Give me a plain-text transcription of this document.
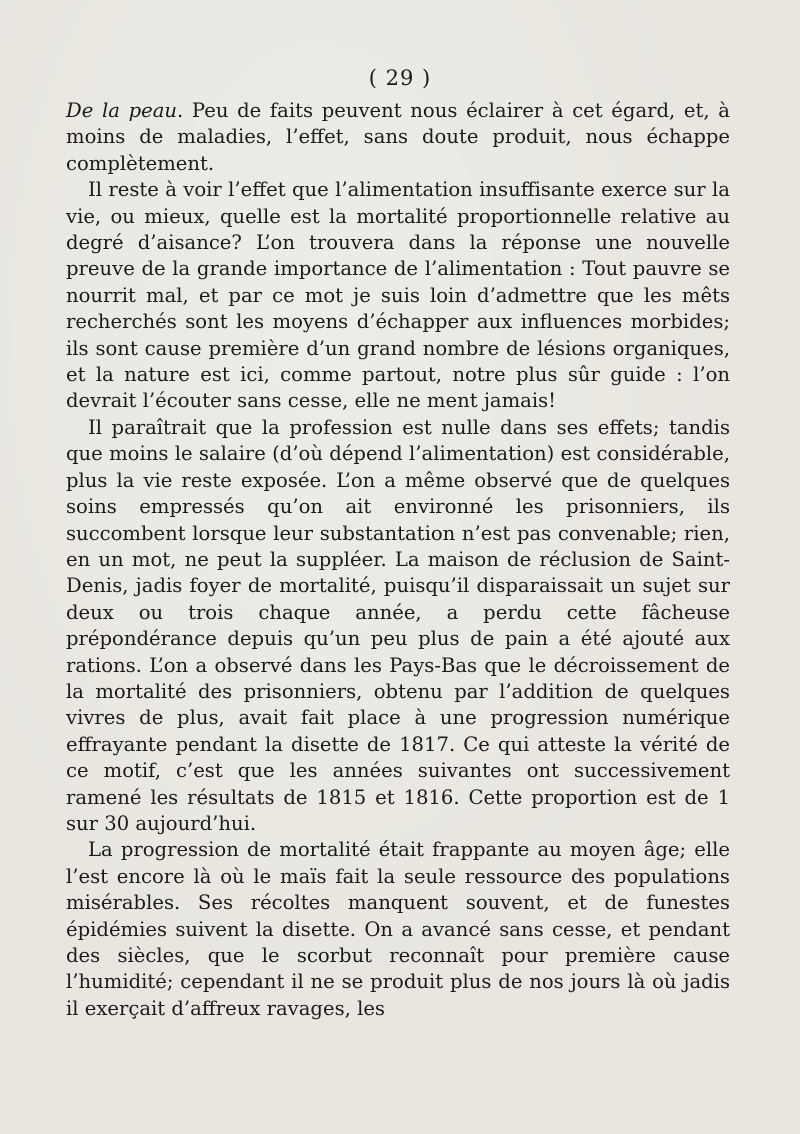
( 29 )

De la peau. Peu de faits peuvent nous éclairer à cet égard, et, à moins de maladies, l’effet, sans doute produit, nous échappe complètement.

Il reste à voir l’effet que l’alimentation insuffisante exerce sur la vie, ou mieux, quelle est la mortalité proportionnelle relative au degré d’aisance? L’on trouvera dans la réponse une nouvelle preuve de la grande importance de l’alimentation : Tout pauvre se nourrit mal, et par ce mot je suis loin d’admettre que les mêts recherchés sont les moyens d’échapper aux influences morbides; ils sont cause première d’un grand nombre de lésions organiques, et la nature est ici, comme partout, notre plus sûr guide : l’on devrait l’écouter sans cesse, elle ne ment jamais!

Il paraîtrait que la profession est nulle dans ses effets; tandis que moins le salaire (d’où dépend l’alimentation) est considérable, plus la vie reste exposée. L’on a même observé que de quelques soins empressés qu’on ait environné les prisonniers, ils succombent lorsque leur substantation n’est pas convenable; rien, en un mot, ne peut la suppléer. La maison de réclusion de Saint-Denis, jadis foyer de mortalité, puisqu’il disparaissait un sujet sur deux ou trois chaque année, a perdu cette fâcheuse prépondérance depuis qu’un peu plus de pain a été ajouté aux rations. L’on a observé dans les Pays-Bas que le décroissement de la mortalité des prisonniers, obtenu par l’addition de quelques vivres de plus, avait fait place à une progression numérique effrayante pendant la disette de 1817. Ce qui atteste la vérité de ce motif, c’est que les années suivantes ont successivement ramené les résultats de 1815 et 1816. Cette proportion est de 1 sur 30 aujourd’hui.

La progression de mortalité était frappante au moyen âge; elle l’est encore là où le maïs fait la seule ressource des populations misérables. Ses récoltes manquent souvent, et de funestes épidémies suivent la disette. On a avancé sans cesse, et pendant des siècles, que le scorbut reconnaît pour première cause l’humidité; cependant il ne se produit plus de nos jours là où jadis il exerçait d’affreux ravages, les
